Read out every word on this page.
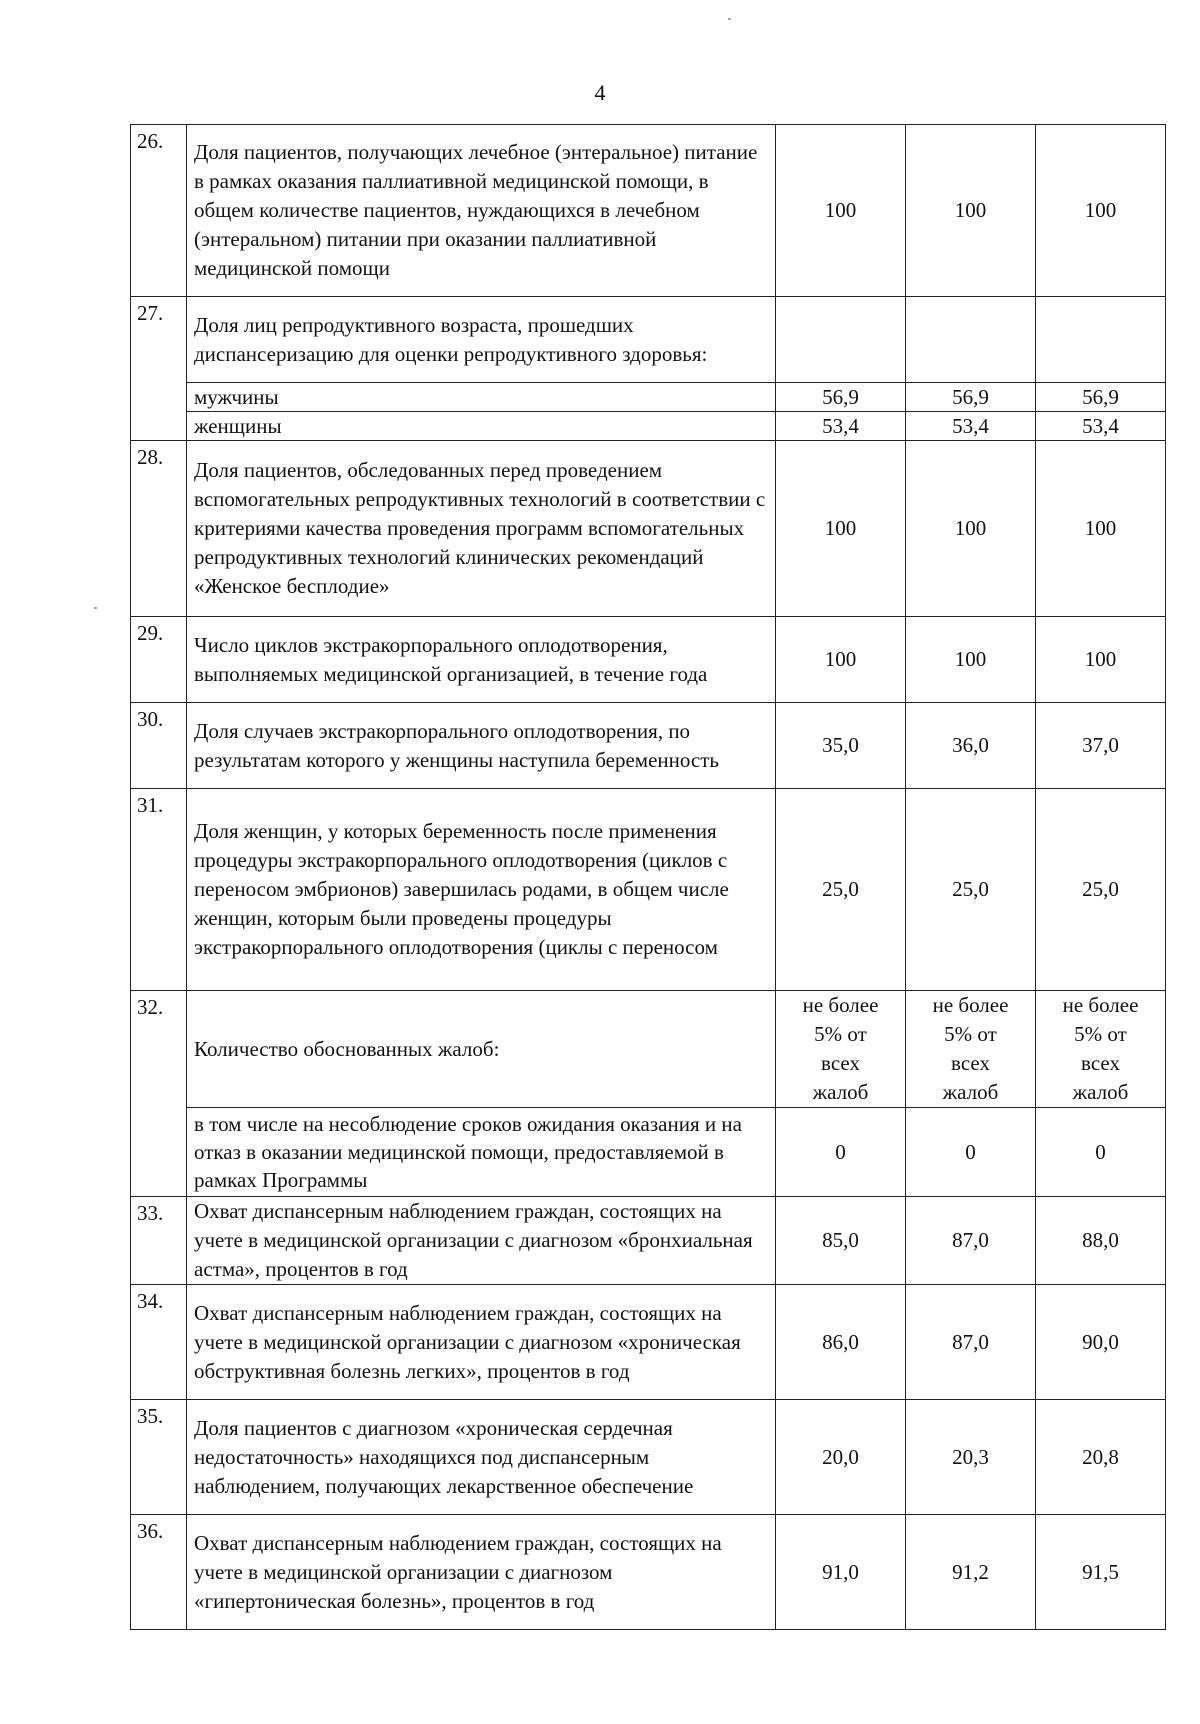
4
26.	Доля пациентов, получающих лечебное (энтеральное) питание в рамках оказания паллиативной медицинской помощи, в общем количестве пациентов, нуждающихся в лечебном (энтеральном) питании при оказании паллиативной медицинской помощи	100	100	100

27.	Доля лиц репродуктивного возраста, прошедших диспансеризацию для оценки репродуктивного здоровья:			

	мужчины	56,9	56,9	56,9

	женщины	53,4	53,4	53,4

28.	Доля пациентов, обследованных перед проведением вспомогательных репродуктивных технологий в соответствии с критериями качества проведения программ вспомогательных репродуктивных технологий клинических рекомендаций «Женское бесплодие»	100	100	100

29.	Число циклов экстракорпорального оплодотворения, выполняемых медицинской организацией, в течение года	100	100	100

30.	Доля случаев экстракорпорального оплодотворения, по результатам которого у женщины наступила беременность	35,0	36,0	37,0

31.	Доля женщин, у которых беременность после применения процедуры экстракорпорального оплодотворения (циклов с переносом эмбрионов) завершилась родами, в общем числе женщин, которым были проведены процедуры экстракорпорального оплодотворения (циклы с переносом	25,0	25,0	25,0

32.	Количество обоснованных жалоб:	не более
5% от
всех
жалоб	не более
5% от
всех
жалоб	не более
5% от
всех
жалоб

	в том числе на несоблюдение сроков ожидания оказания и на отказ в оказании медицинской помощи, предоставляемой в рамках Программы	0	0	0

33.	Охват диспансерным наблюдением граждан, состоящих на учете в медицинской организации с диагнозом «бронхиальная астма», процентов в год	85,0	87,0	88,0

34.	Охват диспансерным наблюдением граждан, состоящих на учете в медицинской организации с диагнозом «хроническая обструктивная болезнь легких», процентов в год	86,0	87,0	90,0

35.	Доля пациентов с диагнозом «хроническая сердечная недостаточность» находящихся под диспансерным наблюдением, получающих лекарственное обеспечение	20,0	20,3	20,8

36.	Охват диспансерным наблюдением граждан, состоящих на учете в медицинской организации с диагнозом «гипертоническая болезнь», процентов в год	91,0	91,2	91,5
